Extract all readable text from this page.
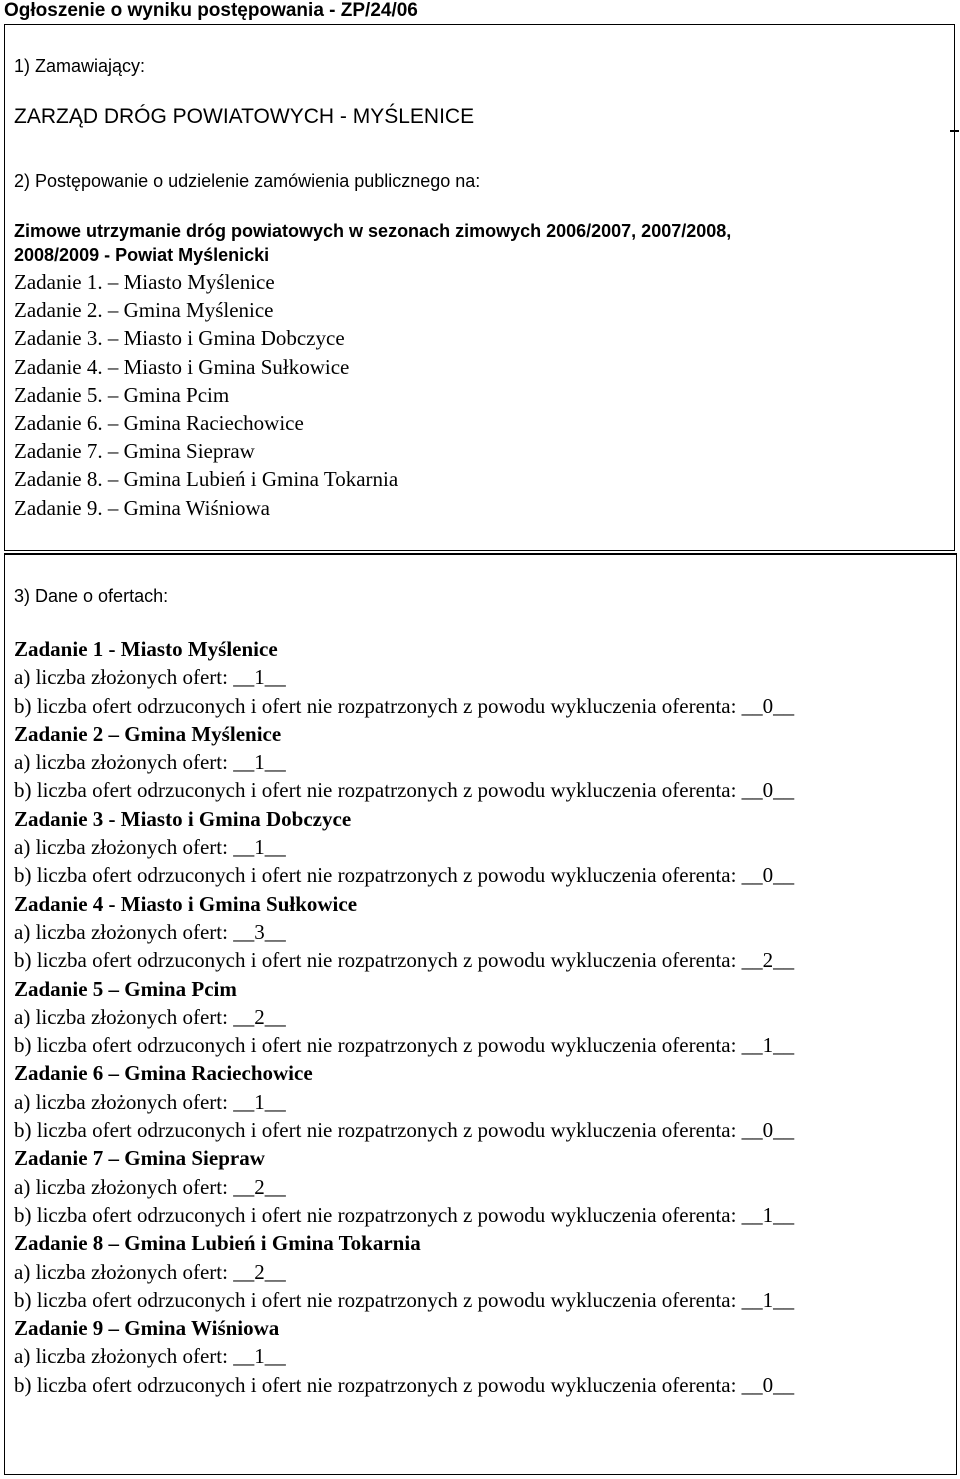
Ogłoszenie o wyniku postępowania - ZP/24/06
1) Zamawiający:
ZARZĄD DRÓG POWIATOWYCH - MYŚLENICE
2) Postępowanie o udzielenie zamówienia publicznego na:
Zimowe utrzymanie dróg powiatowych w sezonach zimowych 2006/2007, 2007/2008,
2008/2009 - Powiat Myślenicki
Zadanie 1. – Miasto Myślenice
Zadanie 2. – Gmina Myślenice
Zadanie 3. – Miasto i Gmina Dobczyce
Zadanie 4. – Miasto i Gmina Sułkowice
Zadanie 5. – Gmina Pcim
Zadanie 6. – Gmina Raciechowice
Zadanie 7. – Gmina Siepraw
Zadanie 8. – Gmina Lubień i Gmina Tokarnia
Zadanie 9. – Gmina Wiśniowa
3) Dane o ofertach:
Zadanie 1 - Miasto Myślenice
a) liczba złożonych ofert: __1__
b) liczba ofert odrzuconych i ofert nie rozpatrzonych z powodu wykluczenia oferenta: __0__
Zadanie 2 – Gmina Myślenice
a) liczba złożonych ofert: __1__
b) liczba ofert odrzuconych i ofert nie rozpatrzonych z powodu wykluczenia oferenta: __0__
Zadanie 3 - Miasto i Gmina Dobczyce
a) liczba złożonych ofert: __1__
b) liczba ofert odrzuconych i ofert nie rozpatrzonych z powodu wykluczenia oferenta: __0__
Zadanie 4 - Miasto i Gmina Sułkowice
a) liczba złożonych ofert: __3__
b) liczba ofert odrzuconych i ofert nie rozpatrzonych z powodu wykluczenia oferenta: __2__
Zadanie 5 – Gmina Pcim
a) liczba złożonych ofert: __2__
b) liczba ofert odrzuconych i ofert nie rozpatrzonych z powodu wykluczenia oferenta: __1__
Zadanie 6 – Gmina Raciechowice
a) liczba złożonych ofert: __1__
b) liczba ofert odrzuconych i ofert nie rozpatrzonych z powodu wykluczenia oferenta: __0__
Zadanie 7 – Gmina Siepraw
a) liczba złożonych ofert: __2__
b) liczba ofert odrzuconych i ofert nie rozpatrzonych z powodu wykluczenia oferenta: __1__
Zadanie 8 – Gmina Lubień i Gmina Tokarnia
a) liczba złożonych ofert: __2__
b) liczba ofert odrzuconych i ofert nie rozpatrzonych z powodu wykluczenia oferenta: __1__
Zadanie 9 – Gmina Wiśniowa
a) liczba złożonych ofert: __1__
b) liczba ofert odrzuconych i ofert nie rozpatrzonych z powodu wykluczenia oferenta: __0__
